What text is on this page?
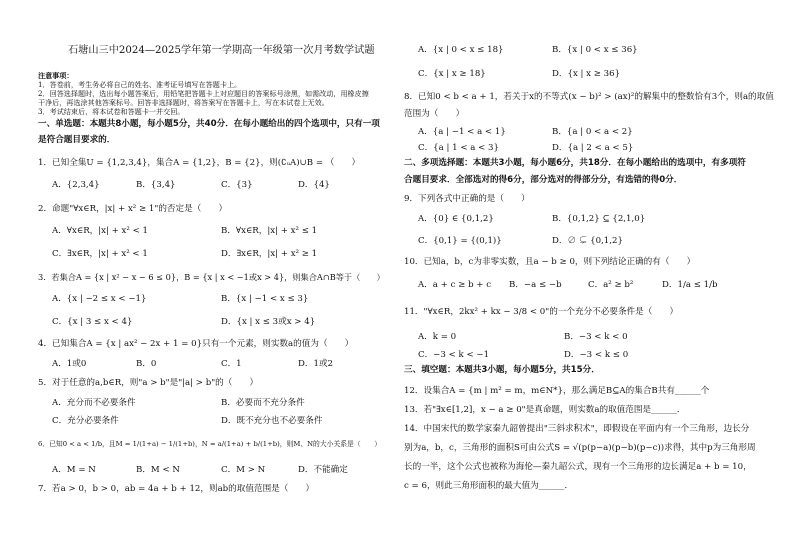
石塘山三中2024—2025学年第一学期高一年级第一次月考数学试题
注意事项：
1．答卷前，考生务必将自己的姓名、准考证号填写在答题卡上。
2．回答选择题时，选出每小题答案后，用铅笔把答题卡上对应题目的答案标号涂黑，如需改动，用橡皮擦
干净后，再选涂其他答案标号。回答非选择题时，将答案写在答题卡上，写在本试卷上无效。
3．考试结束后，将本试卷和答题卡一并交回。
一、单选题：本题共8小题，每小题5分，共40分．在每小题给出的四个选项中，只有一项
是符合题目要求的．
1．已知全集U = {1,2,3,4}，集合A = {1,2}，B = {2}，则(∁ᵤA)∪B = （　　）
A．{2,3,4}	B．{3,4}	C．{3}	D．{4}
2．命题"∀x∈R，|x| + x² ≥ 1"的否定是（　　）
A．∀x∈R，|x| + x² < 1	B．∀x∈R，|x| + x² ≤ 1
C．∃x∈R，|x| + x² < 1	D．∃x∈R，|x| + x² ≥ 1
3．若集合A = {x | x² − x − 6 ≤ 0}，B = {x | x < −1或x > 4}，则集合A∩B等于（　　）
A．{x | −2 ≤ x < −1}	B．{x | −1 < x ≤ 3}
C．{x | 3 ≤ x < 4}	D．{x | x ≤ 3或x > 4}
4．已知集合A = {x | ax² − 2x + 1 = 0}只有一个元素，则实数a的值为（　　）
A．1或0	B．0	C．1	D．1或2
5．对于任意的a,b∈R，则"a > b"是"|a| > b"的（　　）
A．充分而不必要条件	B．必要而不充分条件
C．充分必要条件	D．既不充分也不必要条件
6．已知0 < a < 1/b，且M = 1/(1+a) − 1/(1+b)，N = a/(1+a) + b/(1+b)，则M、N的大小关系是（　　）
A．M = N	B．M < N	C．M > N	D．不能确定
7．若a > 0，b > 0，ab = 4a + b + 12，则ab的取值范围是（　　）
A．{x | 0 < x ≤ 18}	B．{x | 0 < x ≤ 36}
C．{x | x ≥ 18}	D．{x | x ≥ 36}
8．已知0 < b < a + 1，若关于x的不等式(x − b)² > (ax)²的解集中的整数恰有3个，则a的取值
范围为（　　）
A．{a | −1 < a < 1}	B．{a | 0 < a < 2}
C．{a | 1 < a < 3}	D．{a | 2 < a < 5}
二、多项选择题：本题共3小题，每小题6分，共18分．在每小题给出的选项中，有多项符
合题目要求．全部选对的得6分，部分选对的得部分分，有选错的得0分．
9．下列各式中正确的是（　　）
A．{0} ∈ {0,1,2}	B．{0,1,2} ⊆ {2,1,0}
C．{0,1} = {(0,1)}	D．∅ ⊊ {0,1,2}
10．已知a，b，c为非零实数，且a − b ≥ 0，则下列结论正确的有（　　）
A．a + c ≥ b + c B．−a ≤ −b	C．a² ≥ b²	D．1/a ≤ 1/b
11．"∀x∈R，2kx² + kx − 3/8 < 0"的一个充分不必要条件是（　　）
A．k = 0	B．−3 < k < 0
C．−3 < k < −1	D．−3 < k ≤ 0
三、填空题：本题共3小题，每小题5分，共15分．
12．设集合A = {m | m² = m，m∈N*}，那么满足B⊆A的集合B共有______个
13．若"∃x∈[1,2]，x − a ≥ 0"是真命题，则实数a的取值范围是______．
14．中国宋代的数学家秦九韶曾提出"三斜求积术"，即假设在平面内有一个三角形，边长分
别为a，b，c，三角形的面积S可由公式S = √(p(p−a)(p−b)(p−c))求得，其中p为三角形周
长的一半，这个公式也被称为海伦—秦九韶公式，现有一个三角形的边长满足a + b = 10，
c = 6，则此三角形面积的最大值为______．
